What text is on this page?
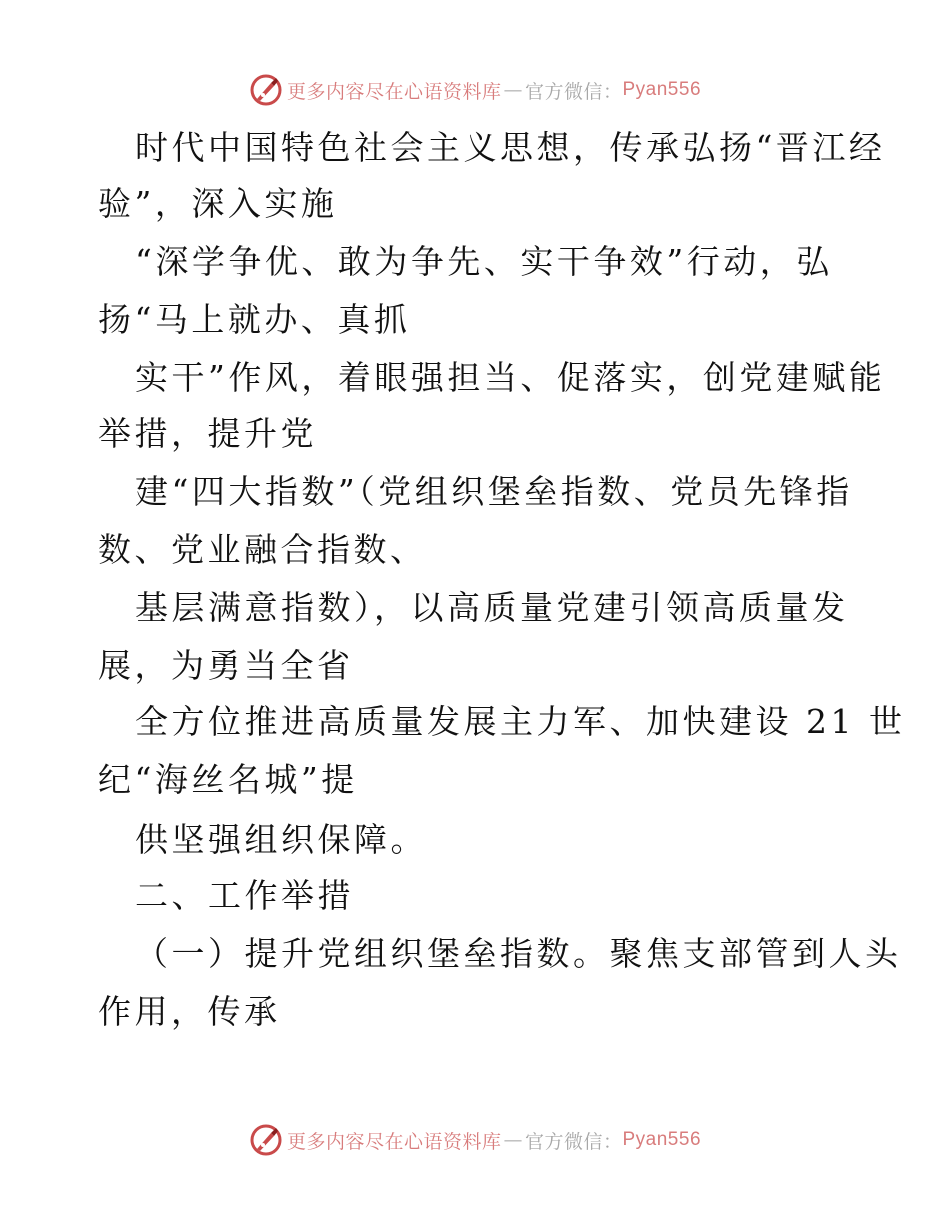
更多内容尽在心语资料库 — 官方微信： Pyan556
时代中国特色社会主义思想，传承弘扬“晋江经
验”，深入实施
“深学争优、敢为争先、实干争效”行动，弘
扬“马上就办、真抓
实干”作风，着眼强担当、促落实，创党建赋能
举措，提升党
建“四大指数”（党组织堡垒指数、党员先锋指
数、党业融合指数、
基层满意指数），以高质量党建引领高质量发
展，为勇当全省
全方位推进高质量发展主力军、加快建设 21 世
纪“海丝名城”提
供坚强组织保障。
二、工作举措
（一）提升党组织堡垒指数。聚焦支部管到人头
作用，传承
更多内容尽在心语资料库 — 官方微信： Pyan556
